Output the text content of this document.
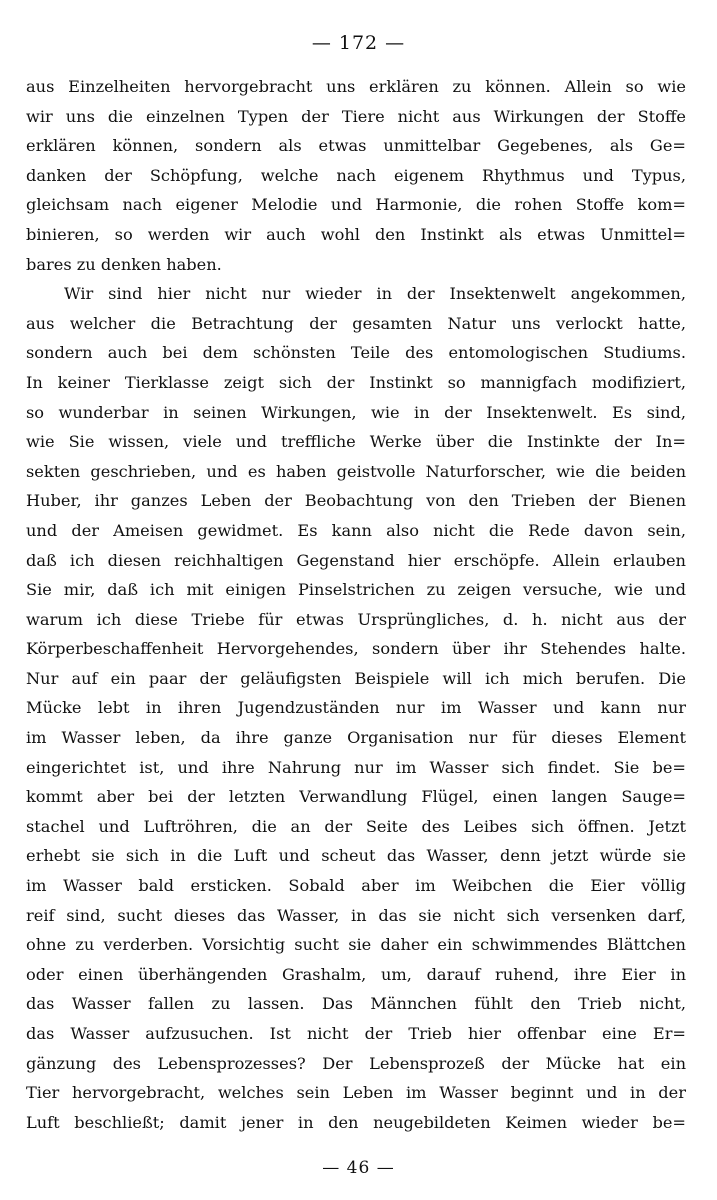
— 172 —
aus Einzelheiten hervorgebracht uns erklären zu können. Allein so wie
wir uns die einzelnen Typen der Tiere nicht aus Wirkungen der Stoffe
erklären können, sondern als etwas unmittelbar Gegebenes, als Ge=
danken der Schöpfung, welche nach eigenem Rhythmus und Typus,
gleichsam nach eigener Melodie und Harmonie, die rohen Stoffe kom=
binieren, so werden wir auch wohl den Instinkt als etwas Unmittel=
bares zu denken haben.
Wir sind hier nicht nur wieder in der Insektenwelt angekommen,
aus welcher die Betrachtung der gesamten Natur uns verlockt hatte,
sondern auch bei dem schönsten Teile des entomologischen Studiums.
In keiner Tierklasse zeigt sich der Instinkt so mannigfach modifiziert,
so wunderbar in seinen Wirkungen, wie in der Insektenwelt. Es sind,
wie Sie wissen, viele und treffliche Werke über die Instinkte der In=
sekten geschrieben, und es haben geistvolle Naturforscher, wie die beiden
Huber, ihr ganzes Leben der Beobachtung von den Trieben der Bienen
und der Ameisen gewidmet. Es kann also nicht die Rede davon sein,
daß ich diesen reichhaltigen Gegenstand hier erschöpfe. Allein erlauben
Sie mir, daß ich mit einigen Pinselstrichen zu zeigen versuche, wie und
warum ich diese Triebe für etwas Ursprüngliches, d. h. nicht aus der
Körperbeschaffenheit Hervorgehendes, sondern über ihr Stehendes halte.
Nur auf ein paar der geläufigsten Beispiele will ich mich berufen. Die
Mücke lebt in ihren Jugendzuständen nur im Wasser und kann nur
im Wasser leben, da ihre ganze Organisation nur für dieses Element
eingerichtet ist, und ihre Nahrung nur im Wasser sich findet. Sie be=
kommt aber bei der letzten Verwandlung Flügel, einen langen Sauge=
stachel und Luftröhren, die an der Seite des Leibes sich öffnen. Jetzt
erhebt sie sich in die Luft und scheut das Wasser, denn jetzt würde sie
im Wasser bald ersticken. Sobald aber im Weibchen die Eier völlig
reif sind, sucht dieses das Wasser, in das sie nicht sich versenken darf,
ohne zu verderben. Vorsichtig sucht sie daher ein schwimmendes Blättchen
oder einen überhängenden Grashalm, um, darauf ruhend, ihre Eier in
das Wasser fallen zu lassen. Das Männchen fühlt den Trieb nicht,
das Wasser aufzusuchen. Ist nicht der Trieb hier offenbar eine Er=
gänzung des Lebensprozesses? Der Lebensprozeß der Mücke hat ein
Tier hervorgebracht, welches sein Leben im Wasser beginnt und in der
Luft beschließt; damit jener in den neugebildeten Keimen wieder be=
— 46 —
